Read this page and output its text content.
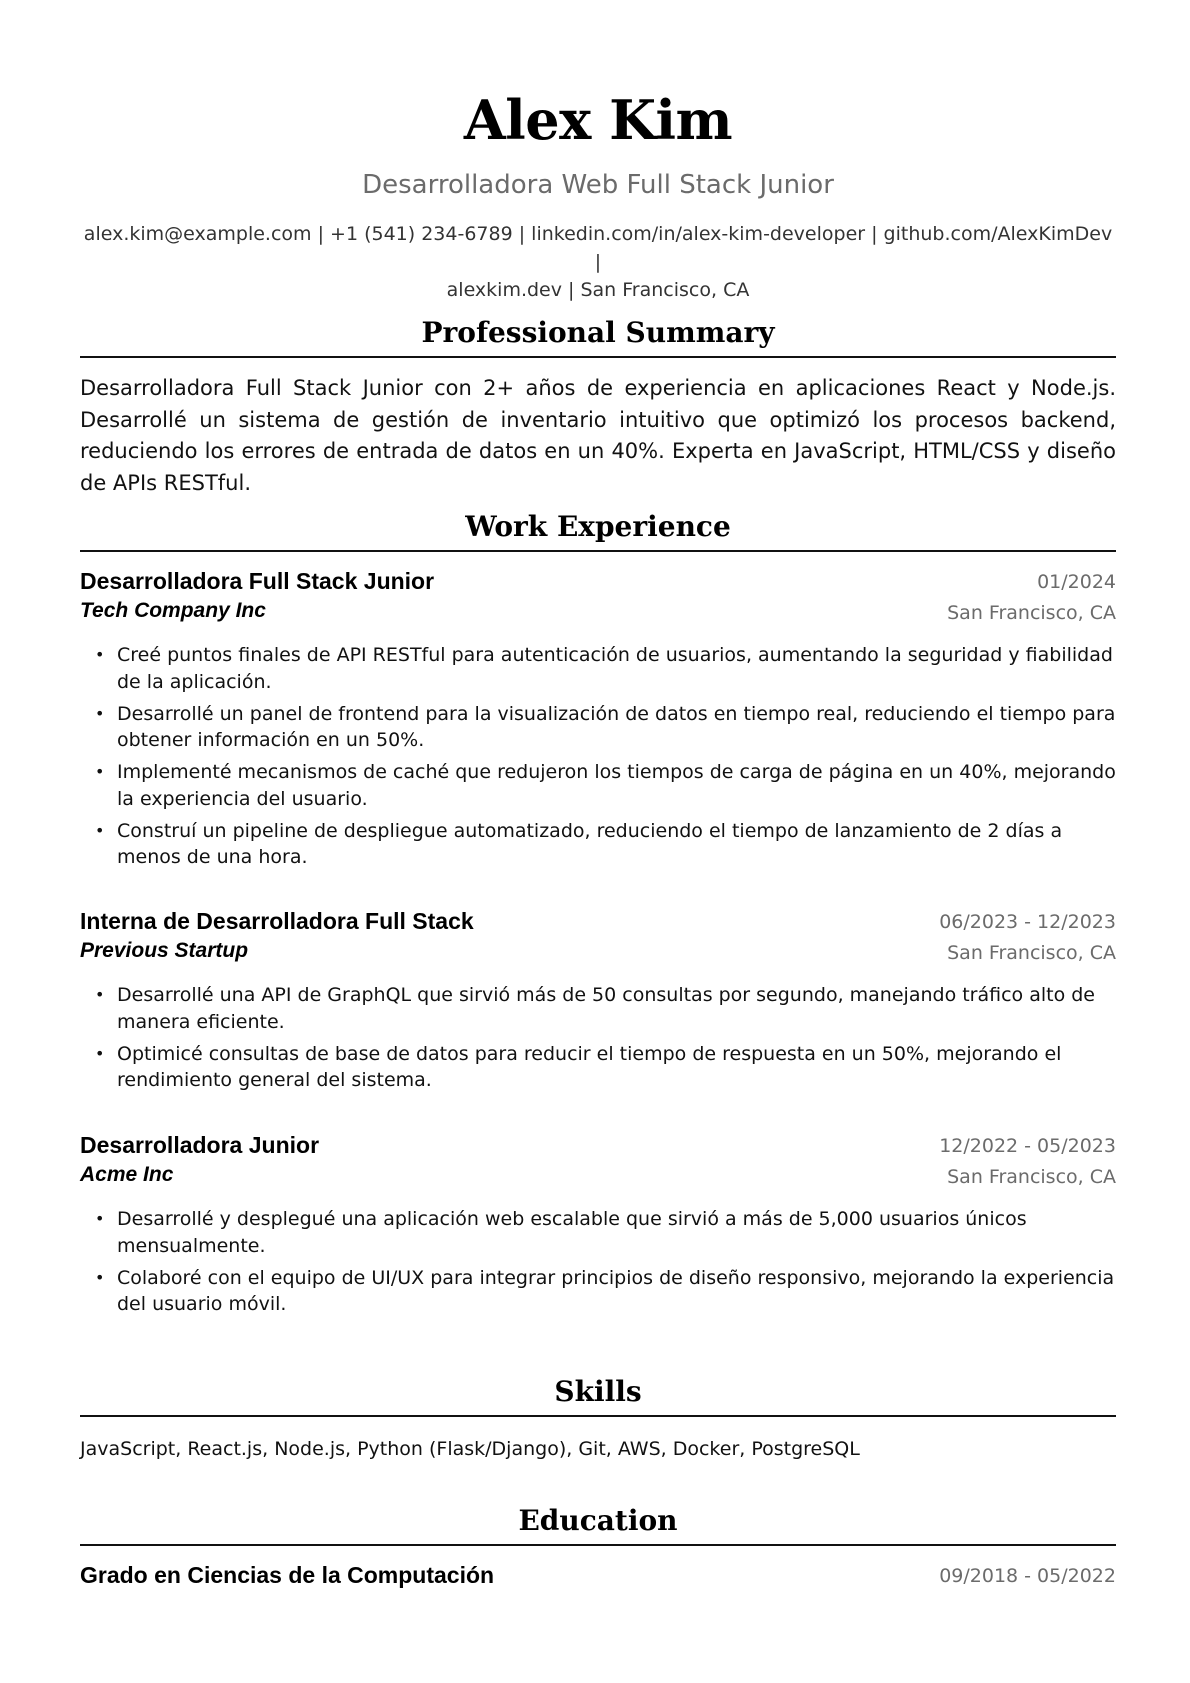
Alex Kim
Desarrolladora Web Full Stack Junior
alex.kim@example.com | +1 (541) 234-6789 | linkedin.com/in/alex-kim-developer | github.com/AlexKimDev |
alexkim.dev | San Francisco, CA
Professional Summary
Desarrolladora Full Stack Junior con 2+ años de experiencia en aplicaciones React y Node.js. Desarrollé un sistema de gestión de inventario intuitivo que optimizó los procesos backend, reduciendo los errores de entrada de datos en un 40%. Experta en JavaScript, HTML/CSS y diseño de APIs RESTful.
Work Experience
Desarrolladora Full Stack Junior	01/2024
Tech Company Inc	San Francisco, CA
• Creé puntos finales de API RESTful para autenticación de usuarios, aumentando la seguridad y fiabilidad de la aplicación.
• Desarrollé un panel de frontend para la visualización de datos en tiempo real, reduciendo el tiempo para obtener información en un 50%.
• Implementé mecanismos de caché que redujeron los tiempos de carga de página en un 40%, mejorando la experiencia del usuario.
• Construí un pipeline de despliegue automatizado, reduciendo el tiempo de lanzamiento de 2 días a menos de una hora.
Interna de Desarrolladora Full Stack	06/2023 - 12/2023
Previous Startup	San Francisco, CA
• Desarrollé una API de GraphQL que sirvió más de 50 consultas por segundo, manejando tráfico alto de manera eficiente.
• Optimicé consultas de base de datos para reducir el tiempo de respuesta en un 50%, mejorando el rendimiento general del sistema.
Desarrolladora Junior	12/2022 - 05/2023
Acme Inc	San Francisco, CA
• Desarrollé y desplegué una aplicación web escalable que sirvió a más de 5,000 usuarios únicos mensualmente.
• Colaboré con el equipo de UI/UX para integrar principios de diseño responsivo, mejorando la experiencia del usuario móvil.
Skills
JavaScript, React.js, Node.js, Python (Flask/Django), Git, AWS, Docker, PostgreSQL
Education
Grado en Ciencias de la Computación	09/2018 - 05/2022
